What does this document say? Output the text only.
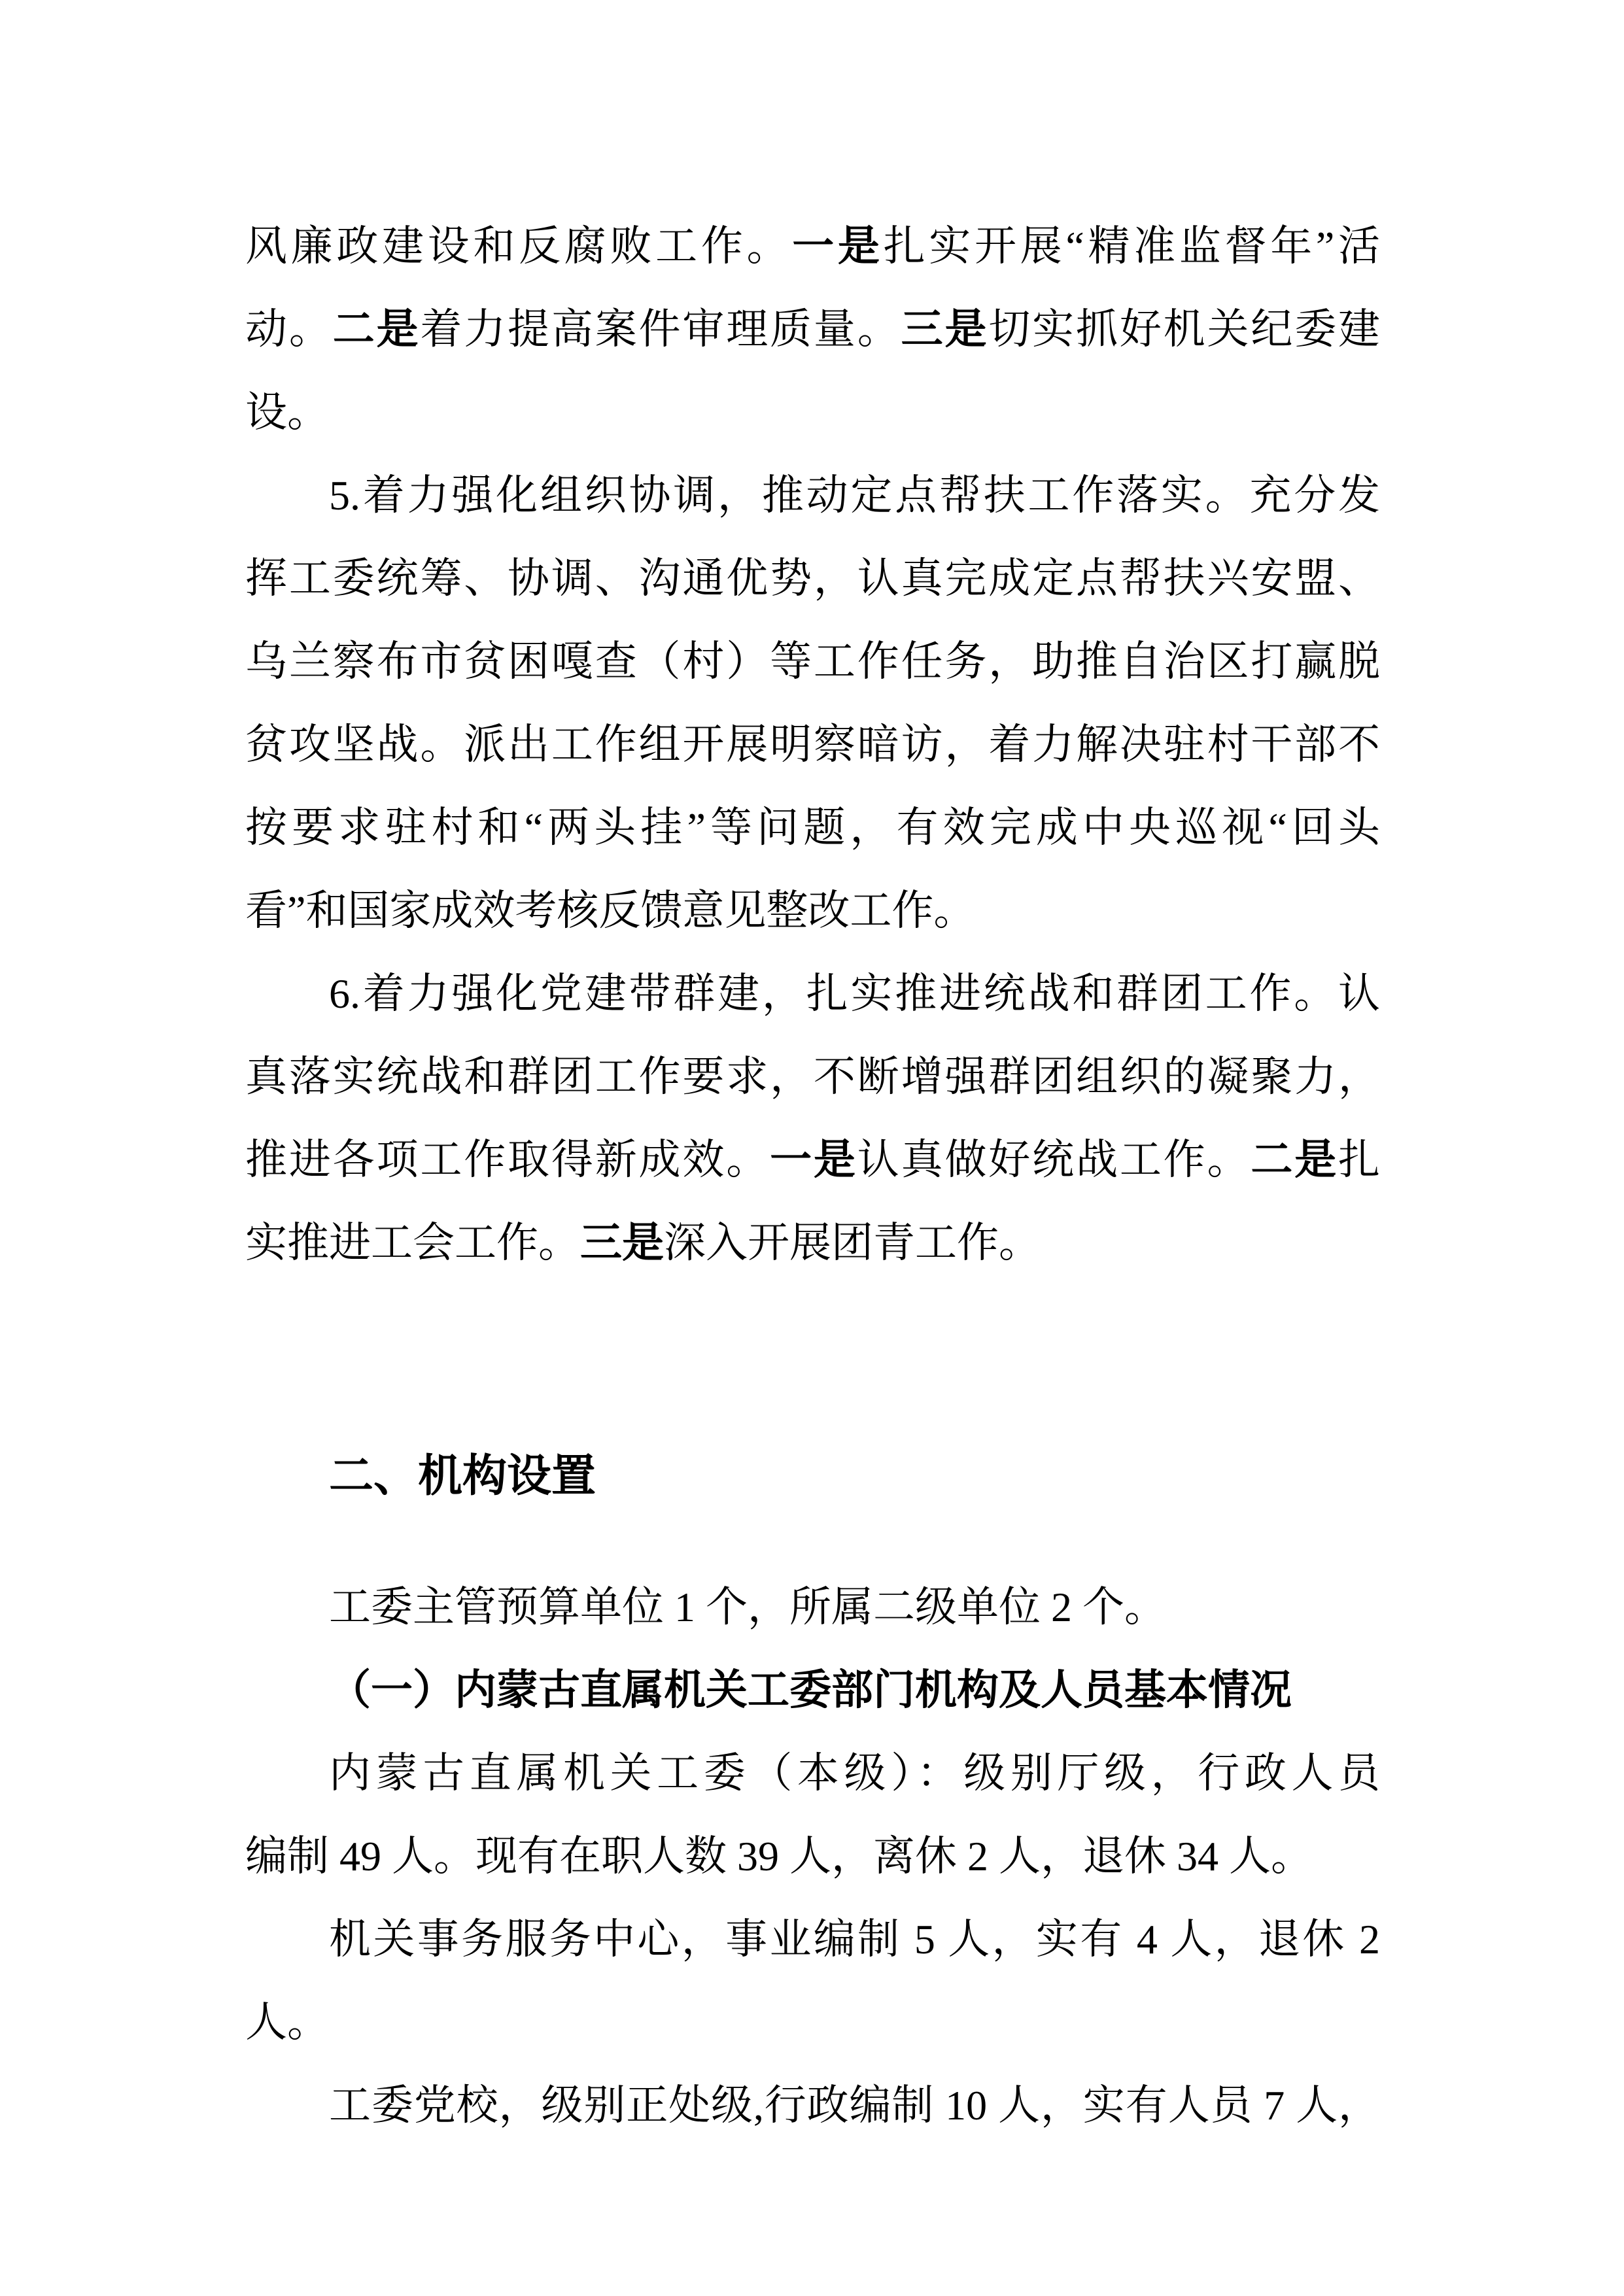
风廉政建设和反腐败工作。一是扎实开展“精准监督年”活
动。二是着力提高案件审理质量。三是切实抓好机关纪委建
设。
5.着力强化组织协调，推动定点帮扶工作落实。充分发
挥工委统筹、协调、沟通优势，认真完成定点帮扶兴安盟、
乌兰察布市贫困嘎查（村）等工作任务，助推自治区打赢脱
贫攻坚战。派出工作组开展明察暗访，着力解决驻村干部不
按要求驻村和“两头挂”等问题，有效完成中央巡视“回头
看”和国家成效考核反馈意见整改工作。
6.着力强化党建带群建，扎实推进统战和群团工作。认
真落实统战和群团工作要求，不断增强群团组织的凝聚力，
推进各项工作取得新成效。一是认真做好统战工作。二是扎
实推进工会工作。三是深入开展团青工作。
二、机构设置
工委主管预算单位 1 个，所属二级单位 2 个。
（一）内蒙古直属机关工委部门机构及人员基本情况
内蒙古直属机关工委（本级）：级别厅级，行政人员
编制 49 人。现有在职人数 39 人，离休 2 人，退休 34 人。
机关事务服务中心，事业编制 5 人，实有 4 人，退休 2
人。
工委党校，级别正处级,行政编制 10 人，实有人员 7 人，
